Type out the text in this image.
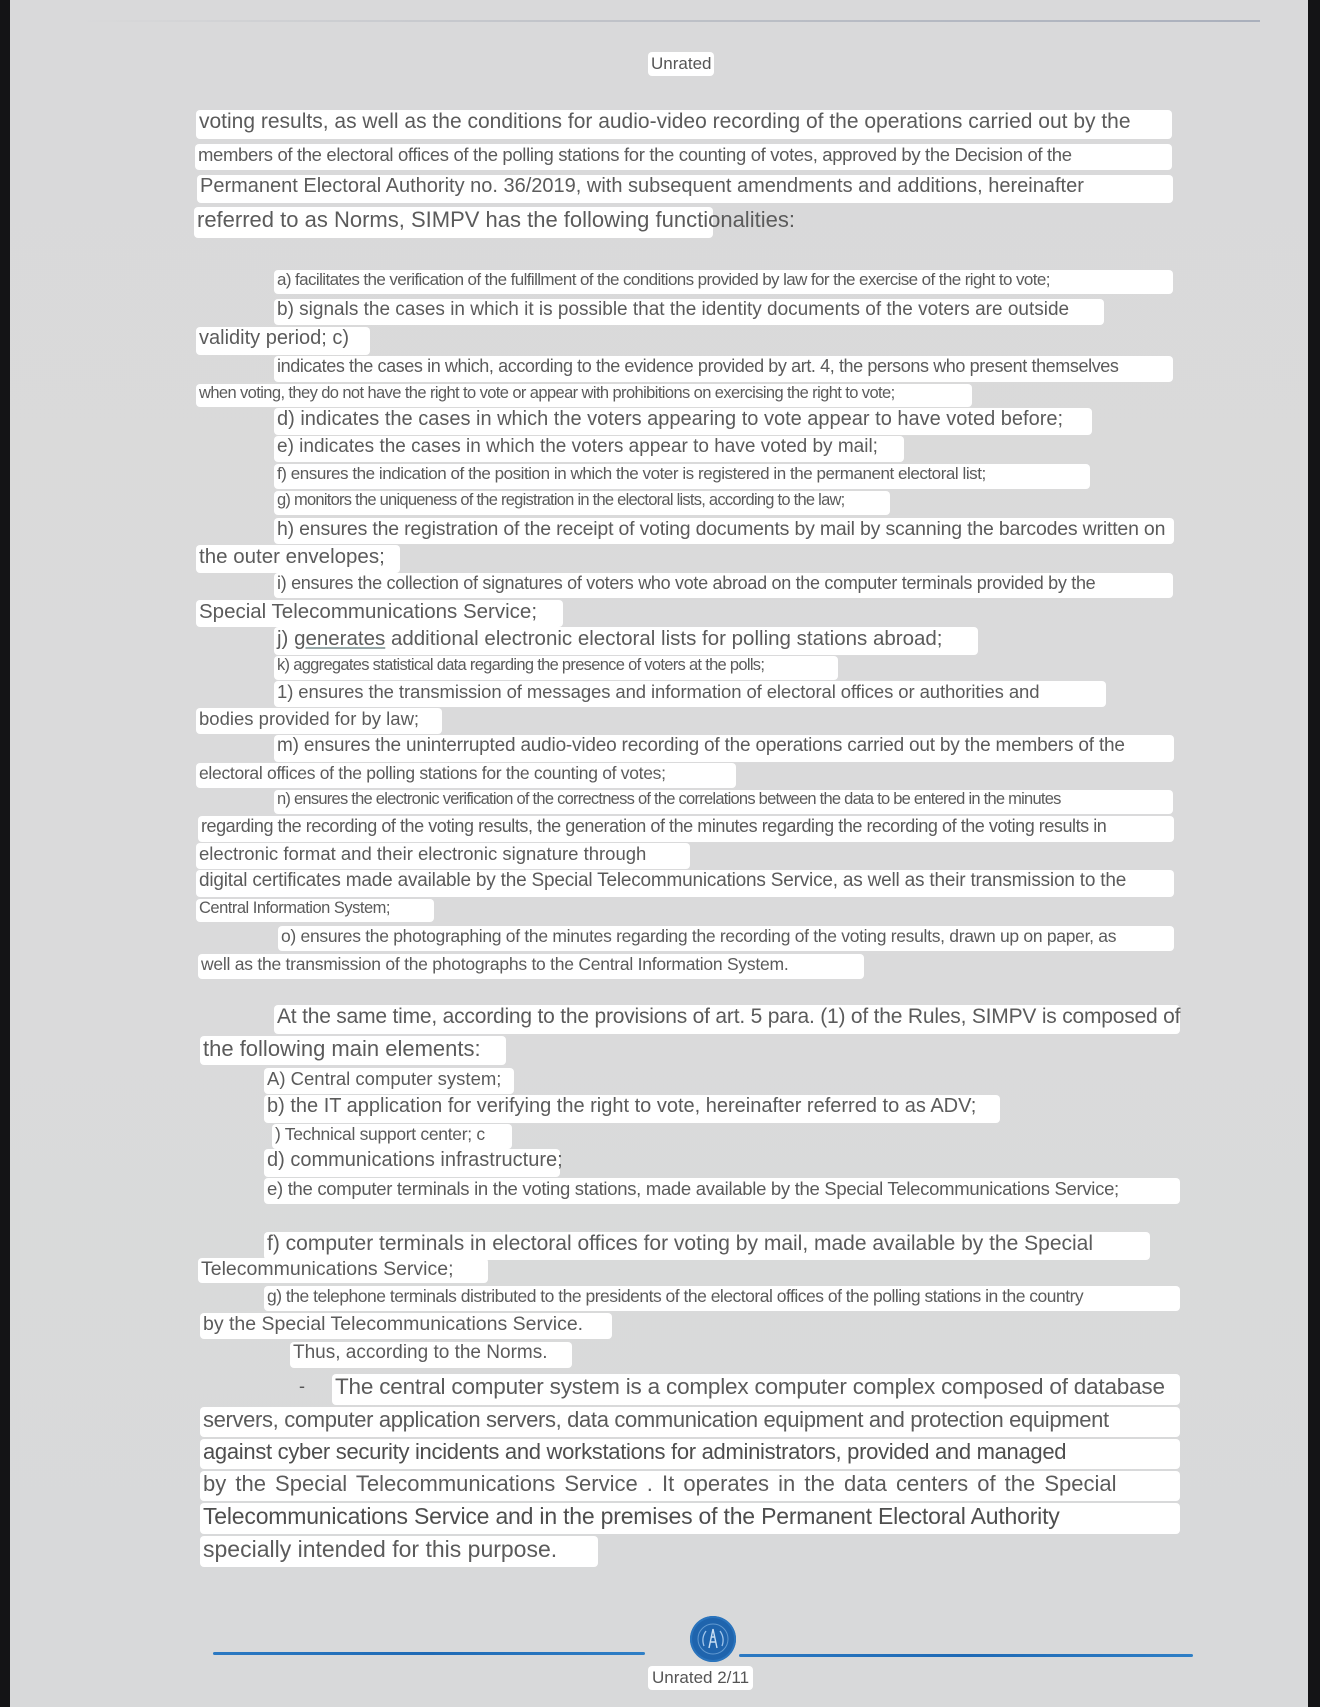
Unrated
voting results, as well as the conditions for audio-video recording of the operations carried out by the
members of the electoral offices of the polling stations for the counting of votes, approved by the Decision of the
Permanent Electoral Authority no. 36/2019, with subsequent amendments and additions, hereinafter
referred to as Norms, SIMPV has the following functionalities:
a) facilitates the verification of the fulfillment of the conditions provided by law for the exercise of the right to vote;
b) signals the cases in which it is possible that the identity documents of the voters are outside
validity period; c)
indicates the cases in which, according to the evidence provided by art. 4, the persons who present themselves
when voting, they do not have the right to vote or appear with prohibitions on exercising the right to vote;
d) indicates the cases in which the voters appearing to vote appear to have voted before;
e) indicates the cases in which the voters appear to have voted by mail;
f) ensures the indication of the position in which the voter is registered in the permanent electoral list;
g) monitors the uniqueness of the registration in the electoral lists, according to the law;
h) ensures the registration of the receipt of voting documents by mail by scanning the barcodes written on
the outer envelopes;
i) ensures the collection of signatures of voters who vote abroad on the computer terminals provided by the
Special Telecommunications Service;
j) generates additional electronic electoral lists for polling stations abroad;
k) aggregates statistical data regarding the presence of voters at the polls;
1) ensures the transmission of messages and information of electoral offices or authorities and
bodies provided for by law;
m) ensures the uninterrupted audio-video recording of the operations carried out by the members of the
electoral offices of the polling stations for the counting of votes;
n) ensures the electronic verification of the correctness of the correlations between the data to be entered in the minutes
regarding the recording of the voting results, the generation of the minutes regarding the recording of the voting results in
electronic format and their electronic signature through
digital certificates made available by the Special Telecommunications Service, as well as their transmission to the
Central Information System;
o) ensures the photographing of the minutes regarding the recording of the voting results, drawn up on paper, as
well as the transmission of the photographs to the Central Information System.
At the same time, according to the provisions of art. 5 para. (1) of the Rules, SIMPV is composed of
the following main elements:
A) Central computer system;
b) the IT application for verifying the right to vote, hereinafter referred to as ADV;
) Technical support center; c
d) communications infrastructure;
e) the computer terminals in the voting stations, made available by the Special Telecommunications Service;
f) computer terminals in electoral offices for voting by mail, made available by the Special
Telecommunications Service;
g) the telephone terminals distributed to the presidents of the electoral offices of the polling stations in the country
by the Special Telecommunications Service.
Thus, according to the Norms.
- The central computer system is a complex computer complex composed of database
servers, computer application servers, data communication equipment and protection equipment
against cyber security incidents and workstations for administrators, provided and managed
by the Special Telecommunications Service . It operates in the data centers of the Special
Telecommunications Service and in the premises of the Permanent Electoral Authority
specially intended for this purpose.
Unrated 2/11
